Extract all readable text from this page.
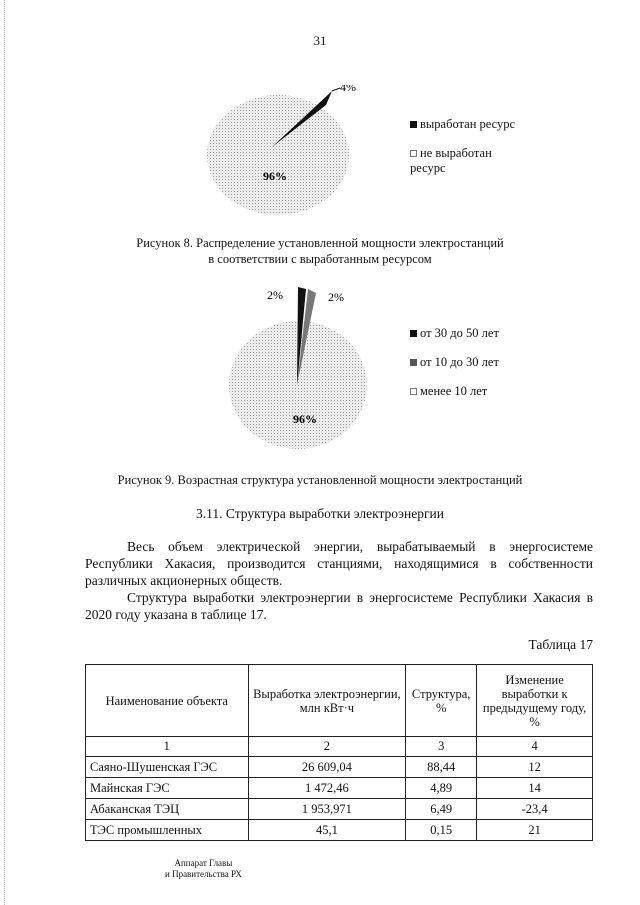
31
4%
96%
выработан ресурс
не выработан
ресурс
Рисунок 8. Распределение установленной мощности электростанций
в соответствии с выработанным ресурсом
2%	2%
96%
от 30 до 50 лет
от 10 до 30 лет
менее 10 лет
Рисунок 9. Возрастная структура установленной мощности электростанций
3.11. Структура выработки электроэнергии
Весь объем электрической энергии, вырабатываемый в энергосистеме Республики Хакасия, производится станциями, находящимися в собственности различных акционерных обществ.
Структура выработки электроэнергии в энергосистеме Республики Хакасия в 2020 году указана в таблице 17.
Таблица 17
Наименование объекта	Выработка электроэнергии, млн кВт·ч	Структура, %	Изменение выработки к предыдущему году, %
1	2	3	4
Саяно-Шушенская ГЭС	26 609,04	88,44	12
Майнская ГЭС	1 472,46	4,89	14
Абаканская ТЭЦ	1 953,971	6,49	-23,4
ТЭС промышленных	45,1	0,15	21
Аппарат Главы
и Правительства РХ
